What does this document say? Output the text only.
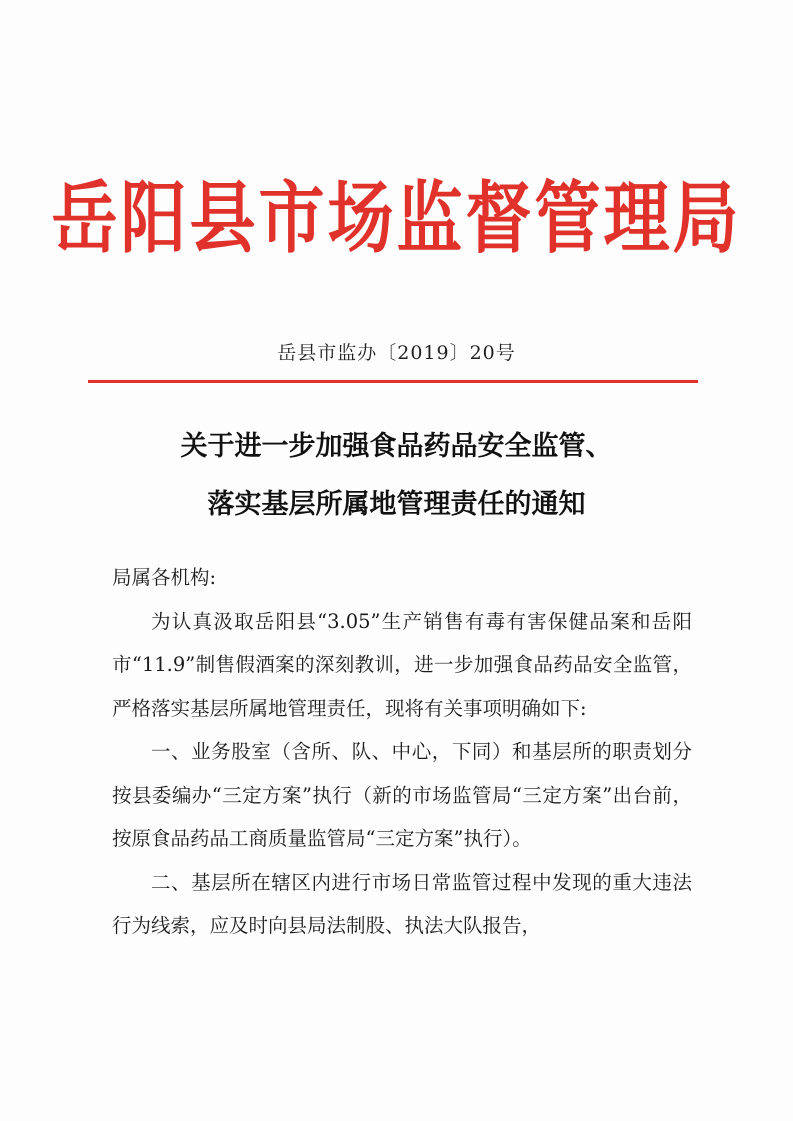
岳阳县市场监督管理局
岳县市监办〔2019〕20号
关于进一步加强食品药品安全监管、
落实基层所属地管理责任的通知

局属各机构:

为认真汲取岳阳县“3.05”生产销售有毒有害保健品案和岳阳市“11.9”制售假酒案的深刻教训，进一步加强食品药品安全监管，严格落实基层所属地管理责任，现将有关事项明确如下:

一、业务股室（含所、队、中心，下同）和基层所的职责划分按县委编办“三定方案”执行（新的市场监管局“三定方案”出台前，按原食品药品工商质量监管局“三定方案”执行）。

二、基层所在辖区内进行市场日常监管过程中发现的重大违法行为线索，应及时向县局法制股、执法大队报告，
